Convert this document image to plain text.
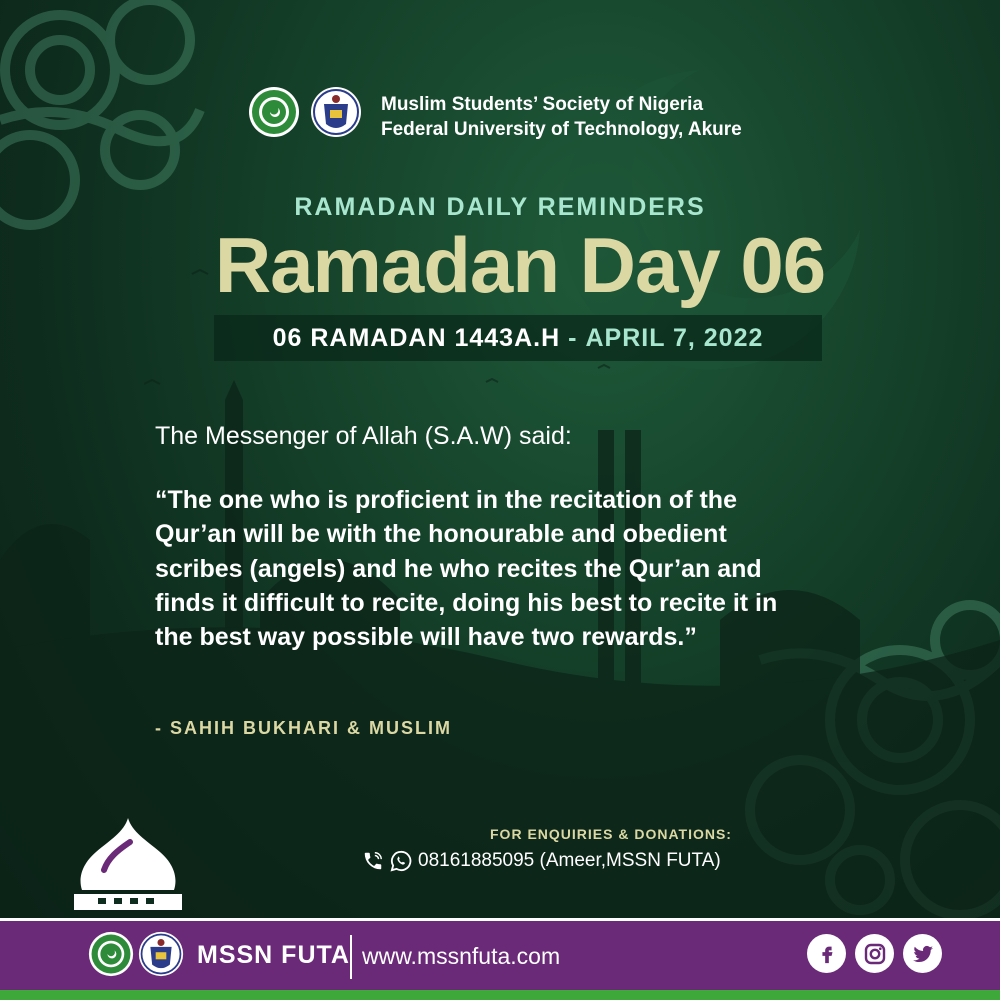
Muslim Students’ Society of Nigeria
Federal University of Technology, Akure
RAMADAN DAILY REMINDERS
Ramadan Day 06
06 RAMADAN 1443A.H - APRIL 7, 2022
The Messenger of Allah (S.A.W) said:
“The one who is proficient in the recitation of the Qur’an will be with the honourable and obedient scribes (angels) and he who recites the Qur’an and finds it difficult to recite, doing his best to recite it in the best way possible will have two rewards.”
- SAHIH BUKHARI & MUSLIM
FOR ENQUIRIES & DONATIONS:
08161885095 (Ameer,MSSN FUTA)
MSSN FUTA www.mssnfuta.com
